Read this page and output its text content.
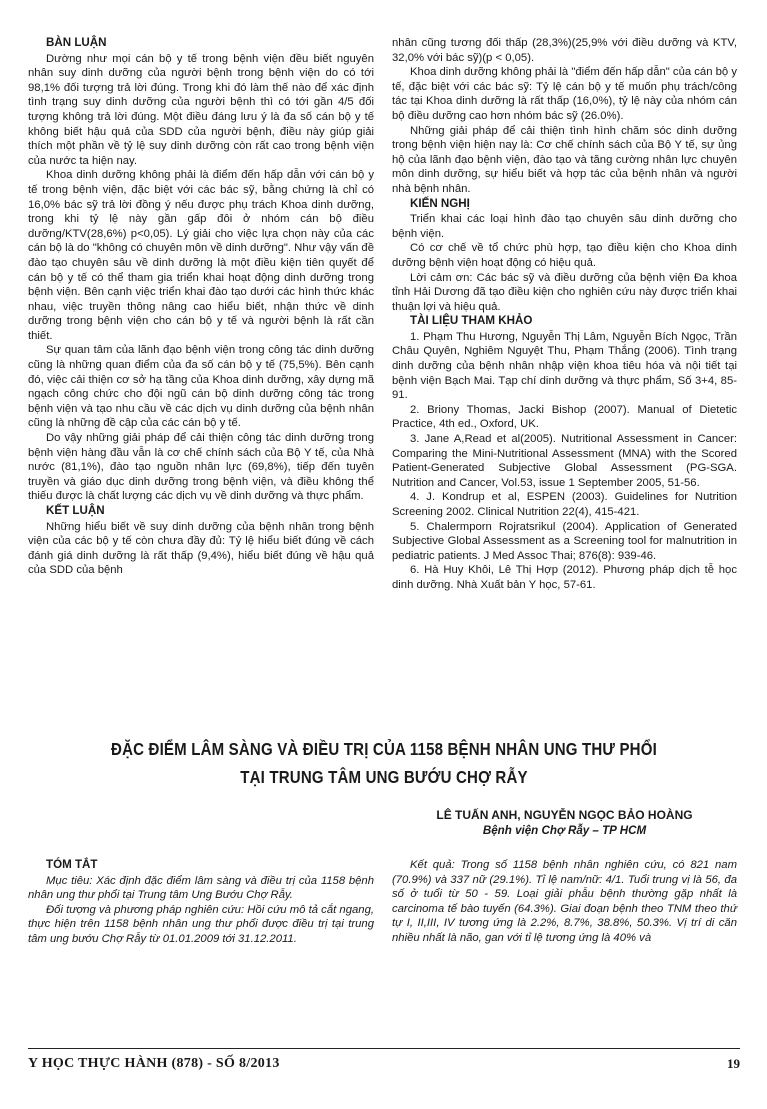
BÀN LUẬN

Dường như mọi cán bộ y tế trong bệnh viện đều biết nguyên nhân suy dinh dưỡng của người bệnh trong bệnh viện do có tới 98,1% đối tượng trả lời đúng. Trong khi đó làm thế nào để xác định tình trạng suy dinh dưỡng của người bệnh thì có tới gần 4/5 đối tượng không trả lời đúng. Một điều đáng lưu ý là đa số cán bộ y tế không biết hậu quả của SDD của người bệnh, điều này giúp giải thích một phần về tỷ lệ suy dinh dưỡng còn rất cao trong bệnh viện của nước ta hiện nay.

Khoa dinh dưỡng không phải là điểm đến hấp dẫn với cán bộ y tế trong bệnh viện, đặc biệt với các bác sỹ, bằng chứng là chỉ có 16,0% bác sỹ trả lời đồng ý nếu được phụ trách Khoa dinh dưỡng, trong khi tỷ lệ này gần gấp đôi ở nhóm cán bộ điều dưỡng/KTV(28,6%) p<0,05). Lý giải cho việc lựa chọn này của các cán bộ là do "không có chuyên môn về dinh dưỡng". Như vậy vấn đề đào tạo chuyên sâu về dinh dưỡng là một điều kiện tiên quyết để cán bộ y tế có thể tham gia triển khai hoạt động dinh dưỡng trong bệnh viện. Bên cạnh việc triển khai đào tạo dưới các hình thức khác nhau, việc truyền thông nâng cao hiểu biết, nhận thức về dinh dưỡng trong bệnh viện cho cán bộ y tế và người bệnh là rất cần thiết.

Sự quan tâm của lãnh đạo bệnh viện trong công tác dinh dưỡng cũng là những quan điểm của đa số cán bộ y tế (75,5%). Bên cạnh đó, việc cải thiện cơ sở hạ tầng của Khoa dinh dưỡng, xây dựng mã ngạch công chức cho đội ngũ cán bộ dinh dưỡng công tác trong bệnh viện và tạo nhu cầu về các dịch vụ dinh dưỡng của bệnh nhân cũng là những đề cập của các cán bộ y tế.

Do vậy những giải pháp để cải thiện công tác dinh dưỡng trong bệnh viện hàng đầu vẫn là cơ chế chính sách của Bộ Y tế, của Nhà nước (81,1%), đào tạo nguồn nhân lực (69,8%), tiếp đến tuyên truyền và giáo dục dinh dưỡng trong bệnh viện, và điều không thể thiếu được là chất lượng các dịch vụ về dinh dưỡng và thực phẩm.

KẾT LUẬN

Những hiểu biết về suy dinh dưỡng của bệnh nhân trong bệnh viện của các bộ y tế còn chưa đầy đủ: Tỷ lệ hiểu biết đúng về cách đánh giá dinh dưỡng là rất thấp (9,4%), hiểu biết đúng về hậu quả của SDD của bệnh

nhân cũng tương đối thấp (28,3%)(25,9% với điều dưỡng và KTV, 32,0% với bác sỹ)(p < 0,05).

Khoa dinh dưỡng không phải là "điểm đến hấp dẫn" của cán bộ y tế, đặc biệt với các bác sỹ: Tỷ lệ cán bộ y tế muốn phụ trách/công tác tại Khoa dinh dưỡng là rất thấp (16,0%), tỷ lệ này của nhóm cán bộ điều dưỡng cao hơn nhóm bác sỹ (26.0%).

Những giải pháp để cải thiện tình hình chăm sóc dinh dưỡng trong bệnh viện hiện nay là: Cơ chế chính sách của Bộ Y tế, sự ủng hộ của lãnh đạo bệnh viện, đào tạo và tăng cường nhân lực chuyên môn dinh dưỡng, sự hiểu biết và hợp tác của bệnh nhân và người nhà bệnh nhân.

KIẾN NGHỊ

Triển khai các loại hình đào tạo chuyên sâu dinh dưỡng cho bệnh viện.

Có cơ chế về tổ chức phù hợp, tạo điều kiện cho Khoa dinh dưỡng bệnh viện hoạt động có hiệu quả.

Lời cảm ơn: Các bác sỹ và điều dưỡng của bệnh viện Đa khoa tỉnh Hải Dương đã tạo điều kiện cho nghiên cứu này được triển khai thuận lợi và hiệu quả.

TÀI LIỆU THAM KHẢO

1. Phạm Thu Hương, Nguyễn Thị Lâm, Nguyễn Bích Ngọc, Trần Châu Quyên, Nghiêm Nguyệt Thu, Phạm Thắng (2006). Tình trạng dinh dưỡng của bệnh nhân nhập viện khoa tiêu hóa và nội tiết tại bệnh viện Bạch Mai. Tạp chí dinh dưỡng và thực phẩm, Số 3+4, 85-91.

2. Briony Thomas, Jacki Bishop (2007). Manual of Dietetic Practice, 4th ed., Oxford, UK.

3. Jane A,Read et al(2005). Nutritional Assessment in Cancer: Comparing the Mini-Nutritional Assessment (MNA) with the Scored Patient-Generated Subjective Global Assessment (PG-SGA. Nutrition and Cancer, Vol.53, issue 1 September 2005, 51-56.

4. J. Kondrup et al, ESPEN (2003). Guidelines for Nutrition Screening 2002. Clinical Nutrition 22(4), 415-421.

5. Chalermporn Rojratsrikul (2004). Application of Generated Subjective Global Assessment as a Screening tool for malnutrition in pediatric patients. J Med Assoc Thai; 876(8): 939-46.

6. Hà Huy Khôi, Lê Thị Hợp (2012). Phương pháp dịch tễ học dinh dưỡng. Nhà Xuất bản Y học, 57-61.

ĐẶC ĐIỂM LÂM SÀNG VÀ ĐIỀU TRỊ CỦA 1158 BỆNH NHÂN UNG THƯ PHỔI
TẠI TRUNG TÂM UNG BƯỚU CHỢ RẪY
LÊ TUẤN ANH, NGUYỄN NGỌC BẢO HOÀNG
Bệnh viện Chợ Rẫy – TP HCM
TÓM TẮT

Mục tiêu: Xác định đặc điểm lâm sàng và điều trị của 1158 bệnh nhân ung thư phổi tại Trung tâm Ung Bướu Chợ Rẫy.

Đối tượng và phương pháp nghiên cứu: Hồi cứu mô tả cắt ngang, thực hiện trên 1158 bệnh nhân ung thư phổi được điều trị tại trung tâm ung bướu Chợ Rẫy từ 01.01.2009 tới 31.12.2011.

Kết quả: Trong số 1158 bệnh nhân nghiên cứu, có 821 nam (70.9%) và 337 nữ (29.1%). Tỉ lệ nam/nữ: 4/1. Tuổi trung vị là 56, đa số ở tuổi từ 50 - 59. Loại giải phẫu bệnh thường gặp nhất là carcinoma tế bào tuyến (64.3%). Giai đoạn bệnh theo TNM theo thứ tự I, II,III, IV tương ứng là 2.2%, 8.7%, 38.8%, 50.3%. Vị trí di căn nhiều nhất là não, gan với tỉ lệ tương ứng là 40% và

Y HỌC THỰC HÀNH (878) - SỐ 8/2013	19
